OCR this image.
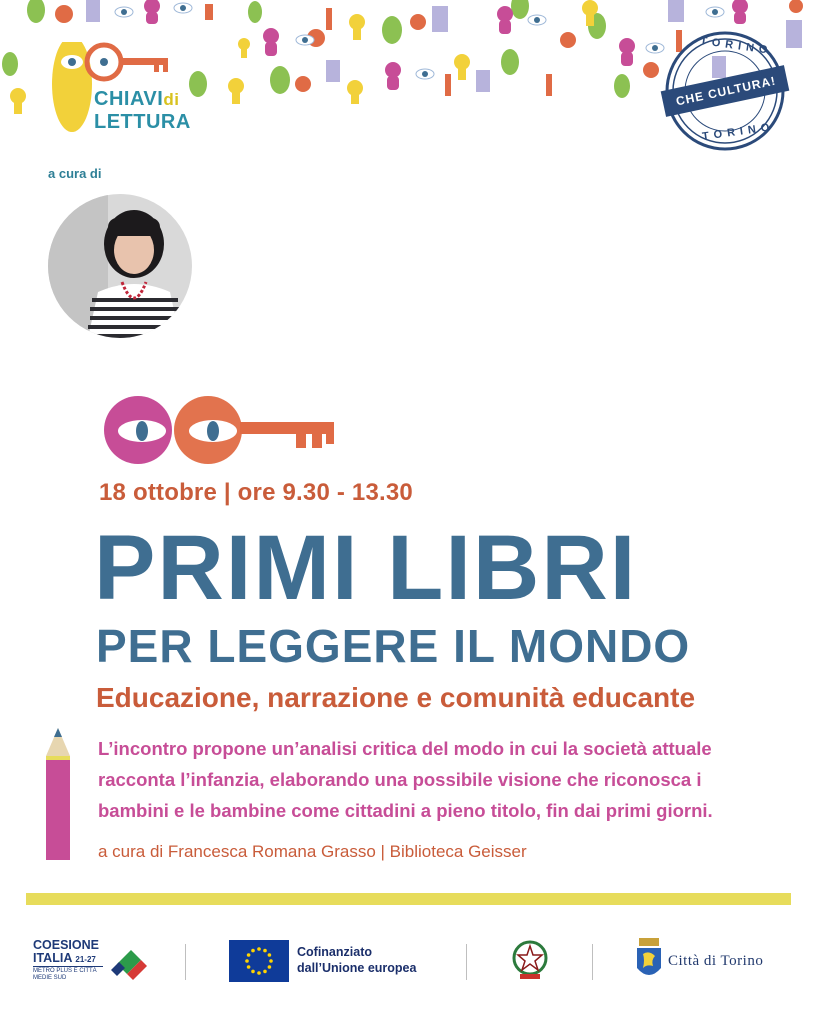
CHIAVIdi
LETTURA
TORINO
CHE CULTURA!
TORINO
a cura di
18 ottobre | ore 9.30 - 13.30
PRIMI LIBRI
PER LEGGERE IL MONDO
Educazione, narrazione e comunità educante
L’incontro propone un’analisi critica del modo in cui la società attuale
racconta l’infanzia, elaborando una possibile visione che riconosca i
bambini e le bambine come cittadini a pieno titolo, fin dai primi giorni.
a cura di Francesca Romana Grasso | Biblioteca Geisser
COESIONE
ITALIA 21-27
METRO PLUS E CITTÀ MEDIE SUD
Cofinanziato
dall’Unione europea	Città di Torino
